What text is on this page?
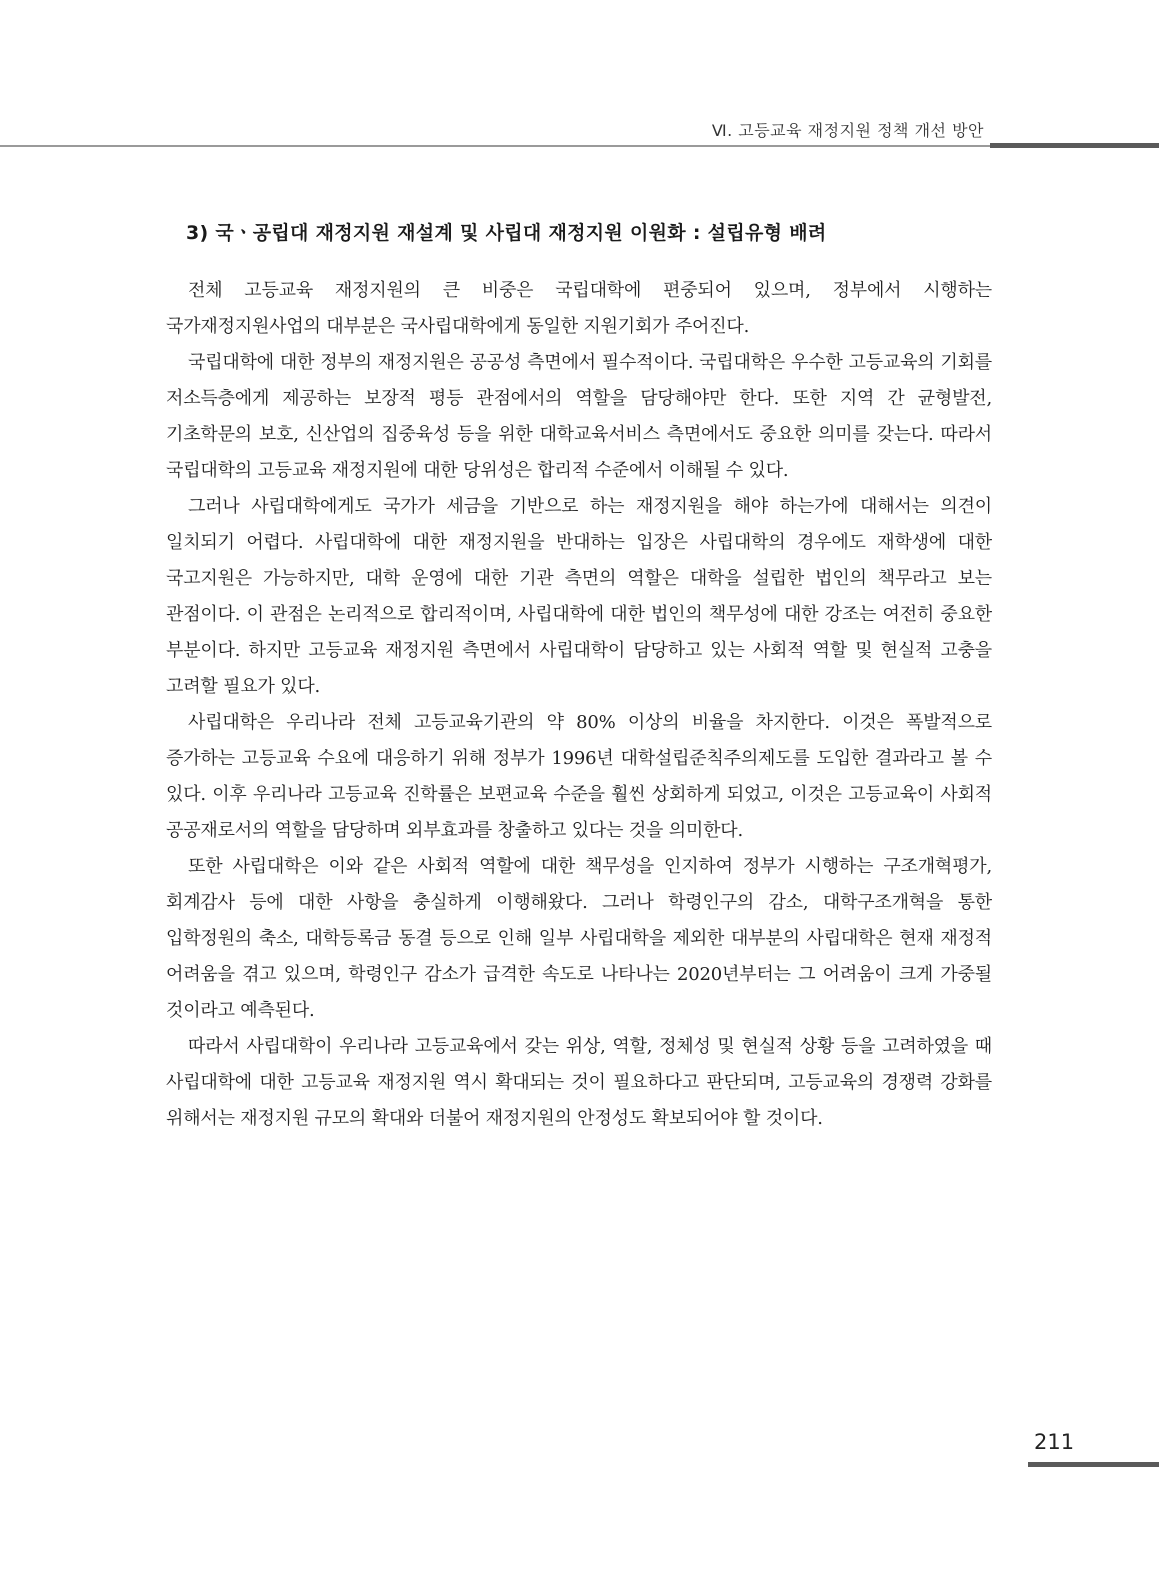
Ⅵ. 고등교육 재정지원 정책 개선 방안
3) 국ㆍ공립대 재정지원 재설계 및 사립대 재정지원 이원화 : 설립유형 배려

전체 고등교육 재정지원의 큰 비중은 국립대학에 편중되어 있으며, 정부에서 시행하는 국가재정지원사업의 대부분은 국사립대학에게 동일한 지원기회가 주어진다.

국립대학에 대한 정부의 재정지원은 공공성 측면에서 필수적이다. 국립대학은 우수한 고등교육의 기회를 저소득층에게 제공하는 보장적 평등 관점에서의 역할을 담당해야만 한다. 또한 지역 간 균형발전, 기초학문의 보호, 신산업의 집중육성 등을 위한 대학교육서비스 측면에서도 중요한 의미를 갖는다. 따라서 국립대학의 고등교육 재정지원에 대한 당위성은 합리적 수준에서 이해될 수 있다.

그러나 사립대학에게도 국가가 세금을 기반으로 하는 재정지원을 해야 하는가에 대해서는 의견이 일치되기 어렵다. 사립대학에 대한 재정지원을 반대하는 입장은 사립대학의 경우에도 재학생에 대한 국고지원은 가능하지만, 대학 운영에 대한 기관 측면의 역할은 대학을 설립한 법인의 책무라고 보는 관점이다. 이 관점은 논리적으로 합리적이며, 사립대학에 대한 법인의 책무성에 대한 강조는 여전히 중요한 부분이다. 하지만 고등교육 재정지원 측면에서 사립대학이 담당하고 있는 사회적 역할 및 현실적 고충을 고려할 필요가 있다.

사립대학은 우리나라 전체 고등교육기관의 약 80% 이상의 비율을 차지한다. 이것은 폭발적으로 증가하는 고등교육 수요에 대응하기 위해 정부가 1996년 대학설립준칙주의제도를 도입한 결과라고 볼 수 있다. 이후 우리나라 고등교육 진학률은 보편교육 수준을 훨씬 상회하게 되었고, 이것은 고등교육이 사회적 공공재로서의 역할을 담당하며 외부효과를 창출하고 있다는 것을 의미한다.

또한 사립대학은 이와 같은 사회적 역할에 대한 책무성을 인지하여 정부가 시행하는 구조개혁평가, 회계감사 등에 대한 사항을 충실하게 이행해왔다. 그러나 학령인구의 감소, 대학구조개혁을 통한 입학정원의 축소, 대학등록금 동결 등으로 인해 일부 사립대학을 제외한 대부분의 사립대학은 현재 재정적 어려움을 겪고 있으며, 학령인구 감소가 급격한 속도로 나타나는 2020년부터는 그 어려움이 크게 가중될 것이라고 예측된다.

따라서 사립대학이 우리나라 고등교육에서 갖는 위상, 역할, 정체성 및 현실적 상황 등을 고려하였을 때 사립대학에 대한 고등교육 재정지원 역시 확대되는 것이 필요하다고 판단되며, 고등교육의 경쟁력 강화를 위해서는 재정지원 규모의 확대와 더불어 재정지원의 안정성도 확보되어야 할 것이다.

211
